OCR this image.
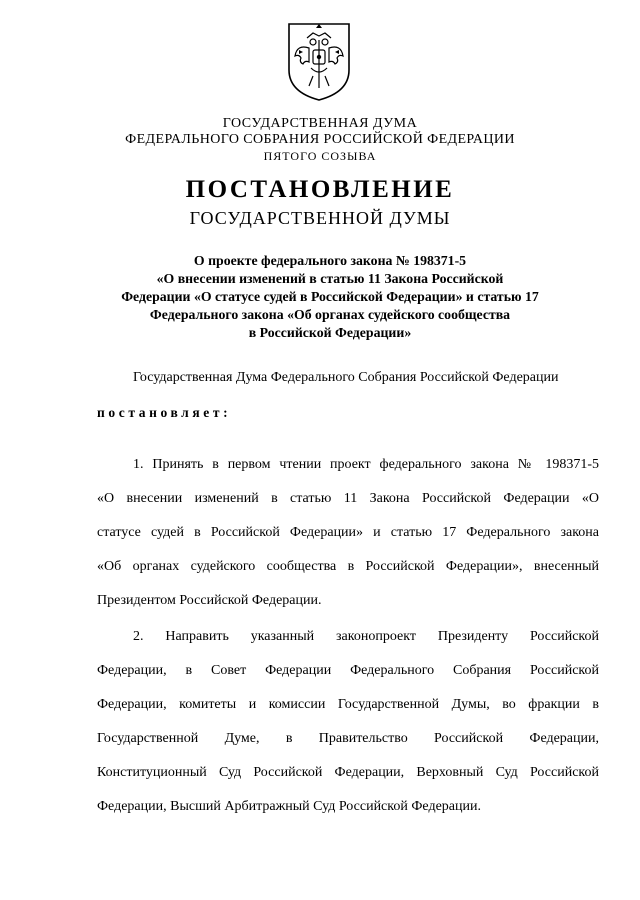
ГОСУДАРСТВЕННАЯ ДУМА
ФЕДЕРАЛЬНОГО СОБРАНИЯ РОССИЙСКОЙ ФЕДЕРАЦИИ
ПЯТОГО СОЗЫВА
ПОСТАНОВЛЕНИЕ
ГОСУДАРСТВЕННОЙ ДУМЫ
О проекте федерального закона № 198371-5
«О внесении изменений в статью 11 Закона Российской
Федерации «О статусе судей в Российской Федерации» и статью 17
Федерального закона «Об органах судейского сообщества
в Российской Федерации»
Государственная Дума Федерального Собрания Российской Федерации
постановляет:
1. Принять в первом чтении проект федерального закона № 198371-5
«О внесении изменений в статью 11 Закона Российской Федерации «О
статусе судей в Российской Федерации» и статью 17 Федерального закона
«Об органах судейского сообщества в Российской Федерации», внесенный
Президентом Российской Федерации.
2. Направить указанный законопроект Президенту Российской
Федерации, в Совет Федерации Федерального Собрания Российской
Федерации, комитеты и комиссии Государственной Думы, во фракции в
Государственной Думе, в Правительство Российской Федерации,
Конституционный Суд Российской Федерации, Верховный Суд Российской
Федерации, Высший Арбитражный Суд Российской Федерации.
